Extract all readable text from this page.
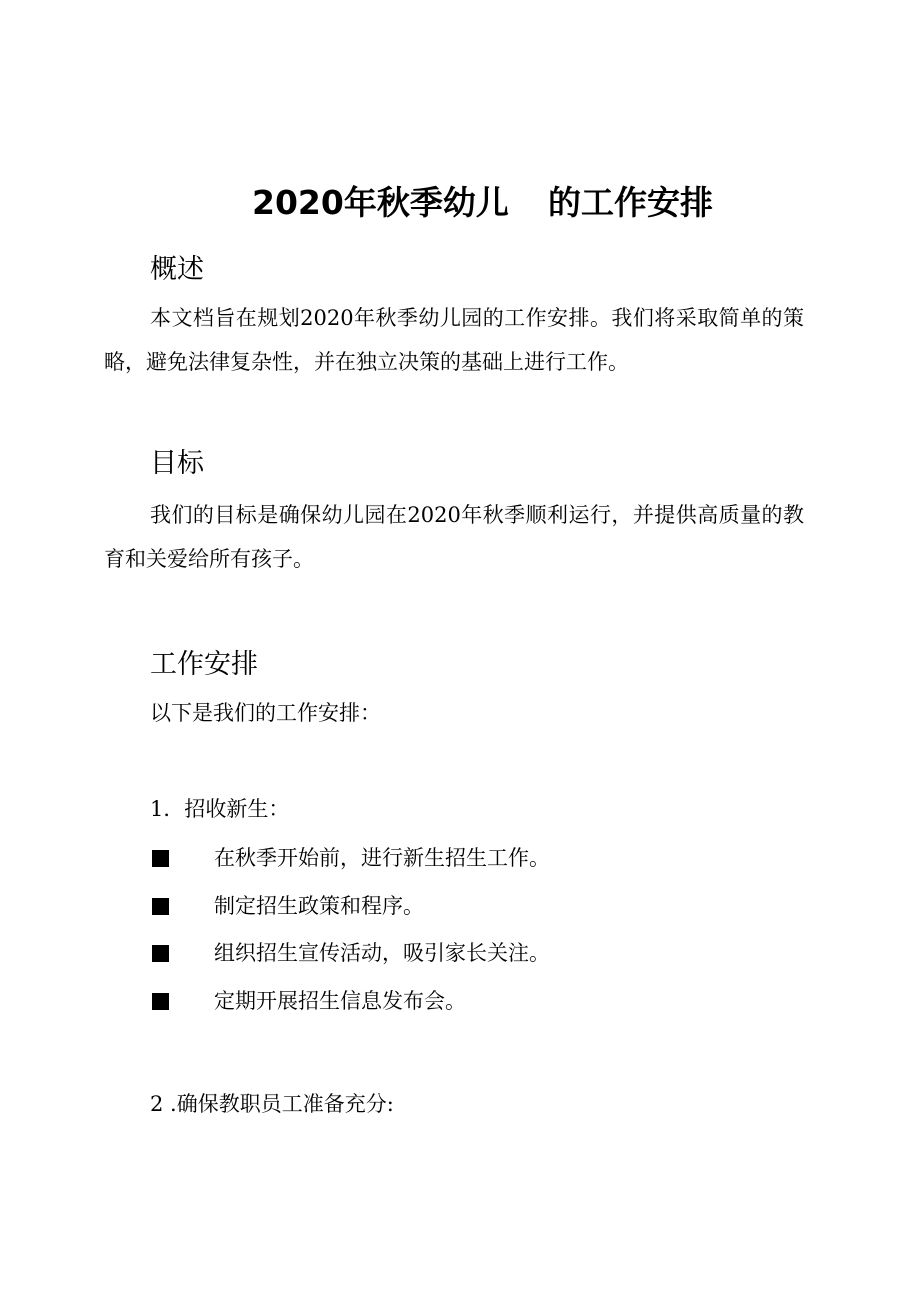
2020年秋季幼儿 的工作安排
概述

本文档旨在规划2020年秋季幼儿园的工作安排。我们将采取简单的策略，避免法律复杂性，并在独立决策的基础上进行工作。

目标

我们的目标是确保幼儿园在2020年秋季顺利运行，并提供高质量的教育和关爱给所有孩子。

工作安排
以下是我们的工作安排：
1．招收新生：
在秋季开始前，进行新生招生工作。
制定招生政策和程序。
组织招生宣传活动，吸引家长关注。
定期开展招生信息发布会。
2 .确保教职员工准备充分:
